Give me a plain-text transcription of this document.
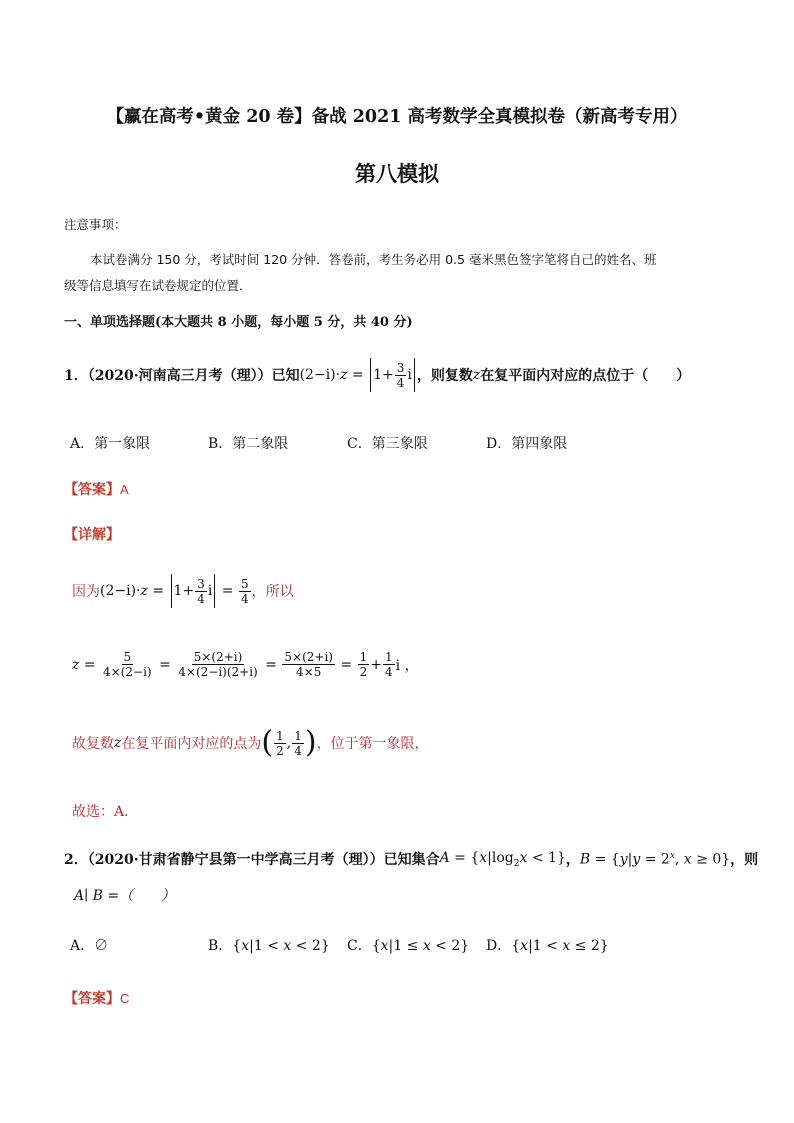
【赢在高考•黄金 20 卷】备战 2021 高考数学全真模拟卷（新高考专用）
第八模拟
注意事项：
本试卷满分 150 分，考试时间 120 分钟．答卷前，考生务必用 0.5 毫米黑色签字笔将自己的姓名、班
级等信息填写在试卷规定的位置．
一、单项选择题(本大题共 8 小题，每小题 5 分，共 40 分)
1．（2020·河南高三月考（理））已知 $(2-i)\cdot z = 1+ \frac{3}{4}$ i ，则复数 z 在复平面内对应的点位于（　　）
A．第一象限	B．第二象限	C．第三象限	D．第四象限
【答案】A
【详解】
因为 $(2-i)\cdot z = 1+ \frac{3}{4}$ $i = \frac{5}{4}$ ，所以
$z = \frac{5}{4\times(2-i)} = \frac{5\times(2+i)}{4\times(2-i)(2+i)} = \frac{5\times(2+i)}{4\times 5} = \frac{1}{2} + \frac{1}{4}$ i ，
故复数 z 在复平面内对应的点为 ( $\frac{1}{2}$ , $\frac{1}{4}$ ) ，位于第一象限，
故选：A．
2．（2020·甘肃省静宁县第一中学高三月考（理））已知集合 $A = \{x|\log_2x < 1\}$ ， $B = \{y|y = 2^x$, x ≥ 0} ，则
A∣ B =（　　）
A．∅	B．{x|1 < x < 2} C．{x|1 ≤ x < 2} D．{x|1 < x ≤ 2}
【答案】C
